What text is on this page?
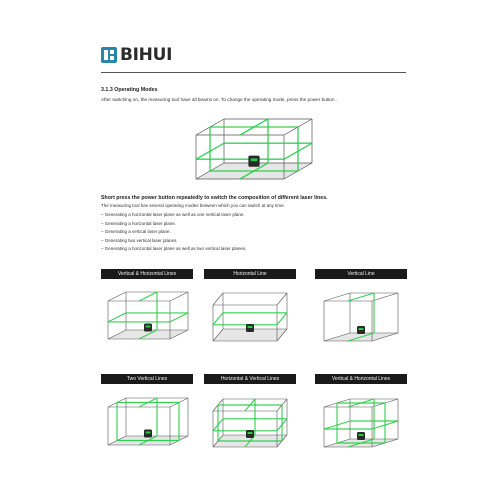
BIHUI
3.1.3 Operating Modes
After switching on, the measuring tool have all beams on. To change the operating mode, press the power button .
Short press the power button repeatedly to switch the composition of different laser lines.
The measuring tool has several operating modes between which you can switch at any time.
– Generating a horizontal laser plane as well as one vertical laser plane.
– Generating a horizontal laser plane.
– Generating a vertical laser plane.
– Generating two vertical laser planes.
– Generating a horizontal laser plane as well as two vertical laser planes.
Vertical & Horizontal Lines	Horizontal Line	Vertical Line
Two Vertical Lines	Horizontal & Vertical Lines	Vertical & Horizontal Lines
